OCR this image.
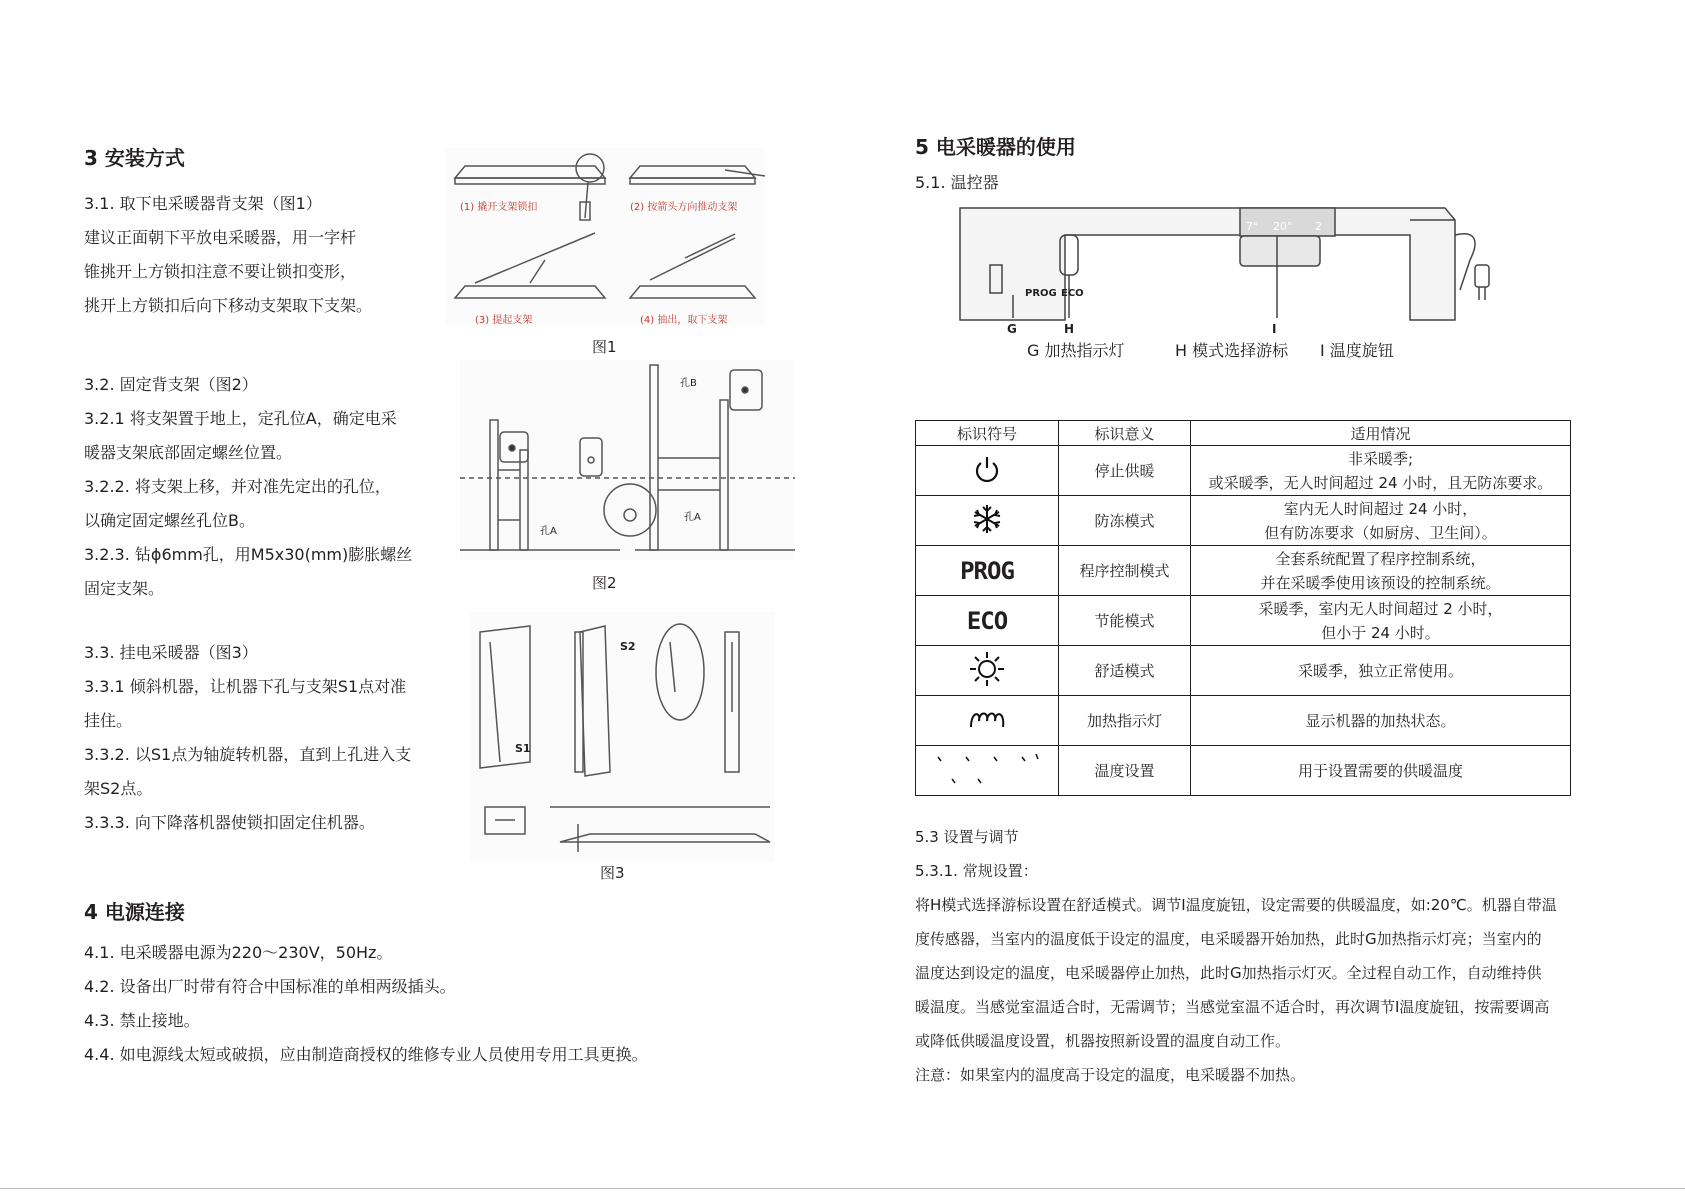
3 安装方式
3.1. 取下电采暖器背支架（图1）
建议正面朝下平放电采暖器，用一字杆
锥挑开上方锁扣注意不要让锁扣变形，
挑开上方锁扣后向下移动支架取下支架。
3.2. 固定背支架（图2）
3.2.1 将支架置于地上，定孔位A，确定电采
暖器支架底部固定螺丝位置。
3.2.2. 将支架上移，并对准先定出的孔位，
以确定固定螺丝孔位B。
3.2.3. 钻ϕ6mm孔，用M5x30(mm)膨胀螺丝
固定支架。
3.3. 挂电采暖器（图3）
3.3.1 倾斜机器，让机器下孔与支架S1点对准
挂住。
3.3.2. 以S1点为轴旋转机器，直到上孔进入支
架S2点。
3.3.3. 向下降落机器使锁扣固定住机器。
(1) 撬开支架锁扣	(2) 按箭头方向推动支架
(3) 提起支架	(4) 抽出，取下支架
图1
孔B
孔A
孔A
图2
S1
S2
图3
4 电源连接
4.1. 电采暖器电源为220～230V，50Hz。
4.2. 设备出厂时带有符合中国标准的单相两级插头。
4.3. 禁止接地。
4.4. 如电源线太短或破损，应由制造商授权的维修专业人员使用专用工具更换。
5 电采暖器的使用
5.1. 温控器
7° 20° 2
PROG ECO
G	H	I
G 加热指示灯	H 模式选择游标 I 温度旋钮
标识符号	标识意义	适用情况
	停止供暖	非采暖季;
或采暖季，无人时间超过 24 小时，且无防冻要求。

	防冻模式	室内无人时间超过 24 小时，
但有防冻要求（如厨房、卫生间）。

PROG	程序控制模式	全套系统配置了程序控制系统，
并在采暖季使用该预设的控制系统。

ECO	节能模式	采暖季，室内无人时间超过 2 小时，
但小于 24 小时。

	舒适模式	采暖季，独立正常使用。

	加热指示灯	显示机器的加热状态。

	温度设置	用于设置需要的供暖温度
5.3 设置与调节
5.3.1. 常规设置：
将H模式选择游标设置在舒适模式。调节I温度旋钮，设定需要的供暖温度，如:20℃。机器自带温
度传感器，当室内的温度低于设定的温度，电采暖器开始加热，此时G加热指示灯亮；当室内的
温度达到设定的温度，电采暖器停止加热，此时G加热指示灯灭。全过程自动工作，自动维持供
暖温度。当感觉室温适合时，无需调节；当感觉室温不适合时，再次调节I温度旋钮，按需要调高
或降低供暖温度设置，机器按照新设置的温度自动工作。
注意：如果室内的温度高于设定的温度，电采暖器不加热。
